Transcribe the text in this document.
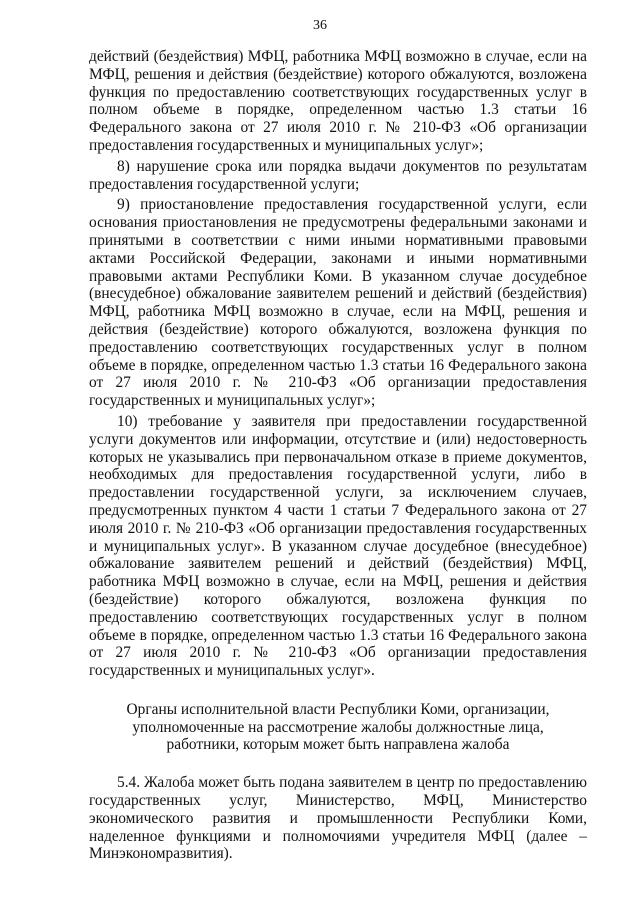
36

действий (бездействия) МФЦ, работника МФЦ возможно в случае, если на МФЦ, решения и действия (бездействие) которого обжалуются, возложена функция по предоставлению соответствующих государственных услуг в полном объеме в порядке, определенном частью 1.3 статьи 16 Федерального закона от 27 июля 2010 г. № 210-ФЗ «Об организации предоставления государственных и муниципальных услуг»;

8) нарушение срока или порядка выдачи документов по результатам предоставления государственной услуги;

9) приостановление предоставления государственной услуги, если основания приостановления не предусмотрены федеральными законами и принятыми в соответствии с ними иными нормативными правовыми актами Российской Федерации, законами и иными нормативными правовыми актами Республики Коми. В указанном случае досудебное (внесудебное) обжалование заявителем решений и действий (бездействия) МФЦ, работника МФЦ возможно в случае, если на МФЦ, решения и действия (бездействие) которого обжалуются, возложена функция по предоставлению соответствующих государственных услуг в полном объеме в порядке, определенном частью 1.3 статьи 16 Федерального закона от 27 июля 2010 г. № 210-ФЗ «Об организации предоставления государственных и муниципальных услуг»;

10) требование у заявителя при предоставлении государственной услуги документов или информации, отсутствие и (или) недостоверность которых не указывались при первоначальном отказе в приеме документов, необходимых для предоставления государственной услуги, либо в предоставлении государственной услуги, за исключением случаев, предусмотренных пунктом 4 части 1 статьи 7 Федерального закона от 27 июля 2010 г. № 210-ФЗ «Об организации предоставления государственных и муниципальных услуг». В указанном случае досудебное (внесудебное) обжалование заявителем решений и действий (бездействия) МФЦ, работника МФЦ возможно в случае, если на МФЦ, решения и действия (бездействие) которого обжалуются, возложена функция по предоставлению соответствующих государственных услуг в полном объеме в порядке, определенном частью 1.3 статьи 16 Федерального закона от 27 июля 2010 г. № 210-ФЗ «Об организации предоставления государственных и муниципальных услуг».

Органы исполнительной власти Республики Коми, организации,
уполномоченные на рассмотрение жалобы должностные лица,
работники, которым может быть направлена жалоба

5.4. Жалоба может быть подана заявителем в центр по предоставлению государственных услуг, Министерство, МФЦ, Министерство экономического развития и промышленности Республики Коми, наделенное функциями и полномочиями учредителя МФЦ (далее – Минэкономразвития).
